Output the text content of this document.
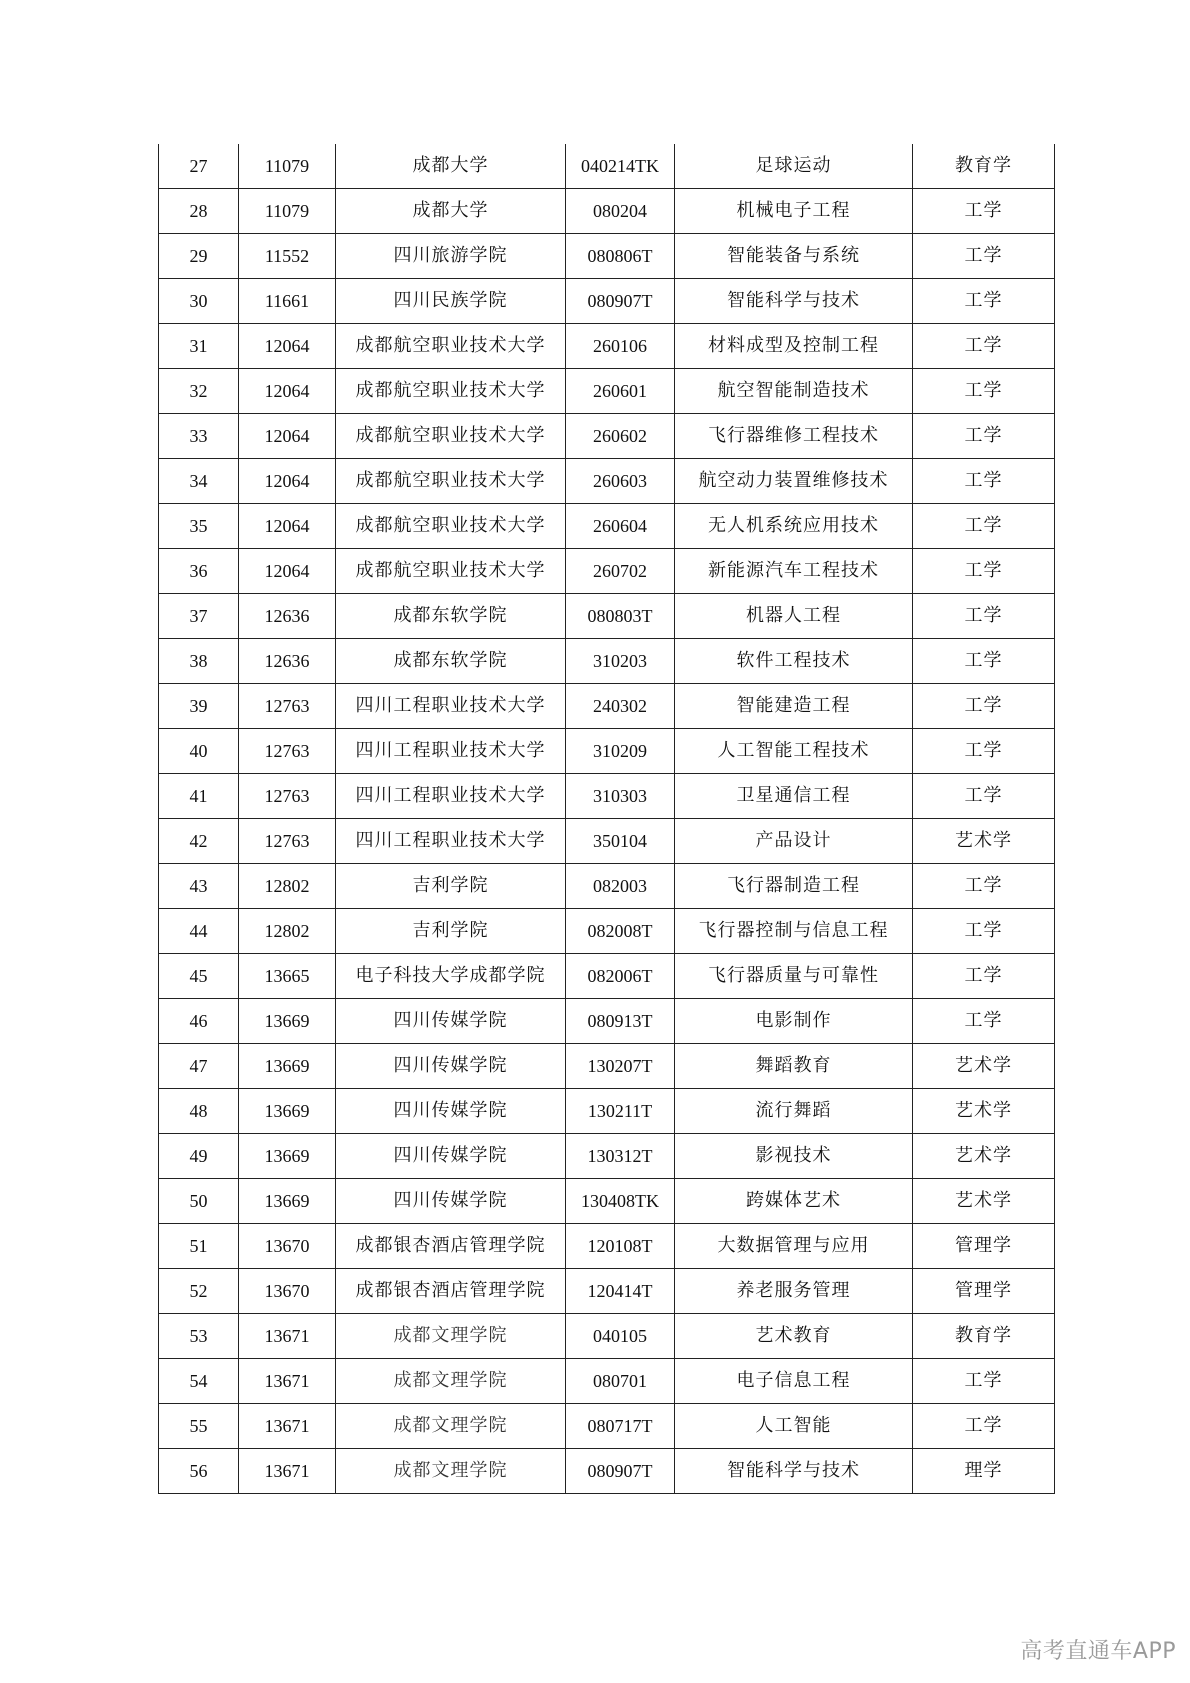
27	11079	成都大学	040214TK	足球运动	教育学
28	11079	成都大学	080204	机械电子工程	工学
29	11552	四川旅游学院	080806T	智能装备与系统	工学
30	11661	四川民族学院	080907T	智能科学与技术	工学
31	12064	成都航空职业技术大学	260106	材料成型及控制工程	工学
32	12064	成都航空职业技术大学	260601	航空智能制造技术	工学
33	12064	成都航空职业技术大学	260602	飞行器维修工程技术	工学
34	12064	成都航空职业技术大学	260603	航空动力装置维修技术	工学
35	12064	成都航空职业技术大学	260604	无人机系统应用技术	工学
36	12064	成都航空职业技术大学	260702	新能源汽车工程技术	工学
37	12636	成都东软学院	080803T	机器人工程	工学
38	12636	成都东软学院	310203	软件工程技术	工学
39	12763	四川工程职业技术大学	240302	智能建造工程	工学
40	12763	四川工程职业技术大学	310209	人工智能工程技术	工学
41	12763	四川工程职业技术大学	310303	卫星通信工程	工学
42	12763	四川工程职业技术大学	350104	产品设计	艺术学
43	12802	吉利学院	082003	飞行器制造工程	工学
44	12802	吉利学院	082008T	飞行器控制与信息工程	工学
45	13665	电子科技大学成都学院	082006T	飞行器质量与可靠性	工学
46	13669	四川传媒学院	080913T	电影制作	工学
47	13669	四川传媒学院	130207T	舞蹈教育	艺术学
48	13669	四川传媒学院	130211T	流行舞蹈	艺术学
49	13669	四川传媒学院	130312T	影视技术	艺术学
50	13669	四川传媒学院	130408TK	跨媒体艺术	艺术学
51	13670	成都银杏酒店管理学院	120108T	大数据管理与应用	管理学
52	13670	成都银杏酒店管理学院	120414T	养老服务管理	管理学
53	13671	成都文理学院	040105	艺术教育	教育学
54	13671	成都文理学院	080701	电子信息工程	工学
55	13671	成都文理学院	080717T	人工智能	工学
56	13671	成都文理学院	080907T	智能科学与技术	理学
高考直通车APP
